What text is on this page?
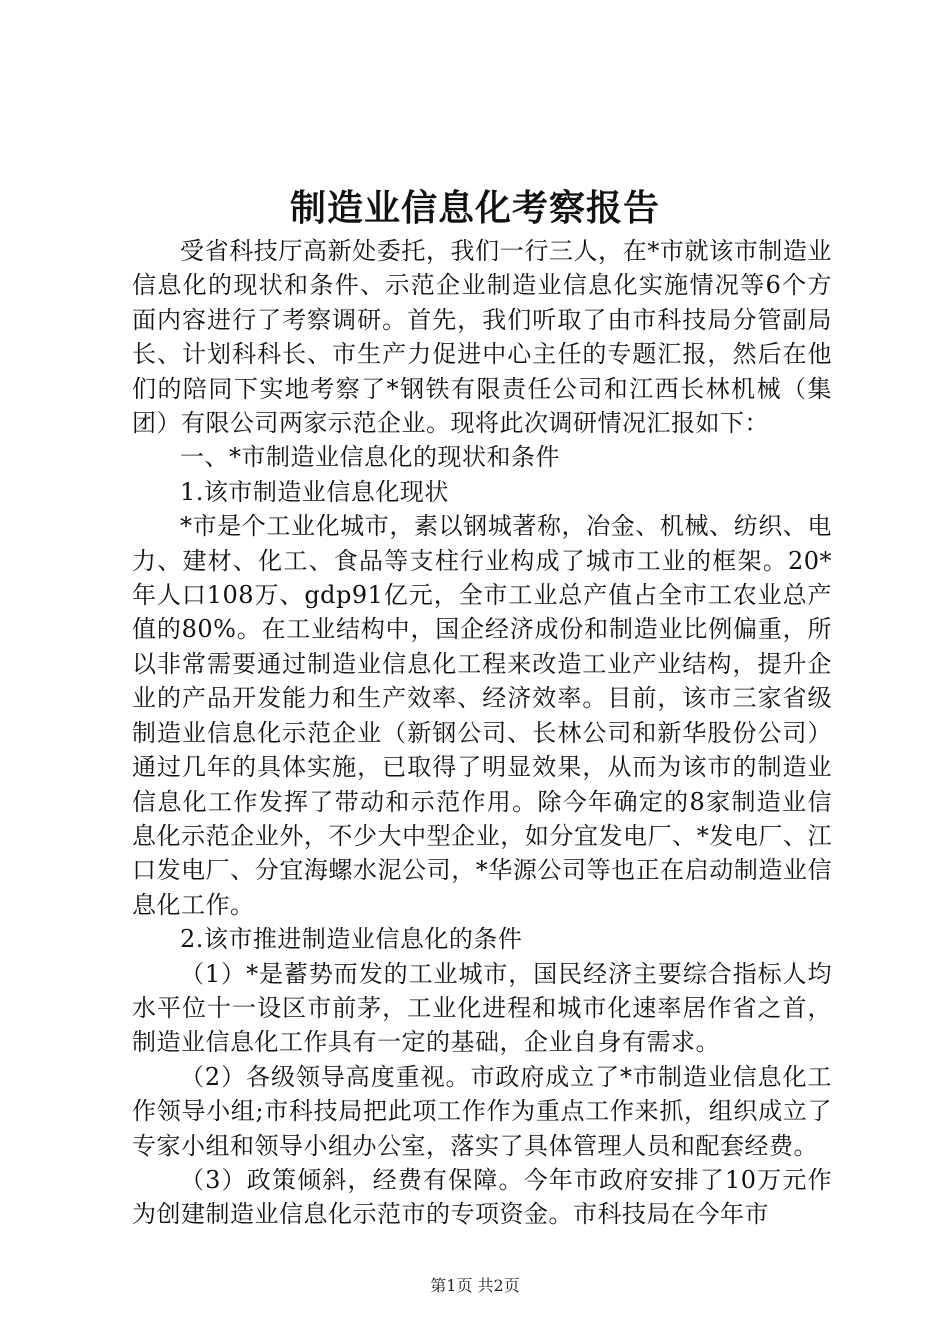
制造业信息化考察报告

受省科技厅高新处委托，我们一行三人，在*市就该市制造业信息化的现状和条件、示范企业制造业信息化实施情况等6个方面内容进行了考察调研。首先，我们听取了由市科技局分管副局长、计划科科长、市生产力促进中心主任的专题汇报，然后在他们的陪同下实地考察了*钢铁有限责任公司和江西长林机械（集团）有限公司两家示范企业。现将此次调研情况汇报如下：

一、*市制造业信息化的现状和条件

1.该市制造业信息化现状

*市是个工业化城市，素以钢城著称，冶金、机械、纺织、电力、建材、化工、食品等支柱行业构成了城市工业的框架。20*年人口108万、gdp91亿元，全市工业总产值占全市工农业总产值的80%。在工业结构中，国企经济成份和制造业比例偏重，所以非常需要通过制造业信息化工程来改造工业产业结构，提升企业的产品开发能力和生产效率、经济效率。目前，该市三家省级制造业信息化示范企业（新钢公司、长林公司和新华股份公司）通过几年的具体实施，已取得了明显效果，从而为该市的制造业信息化工作发挥了带动和示范作用。除今年确定的8家制造业信息化示范企业外，不少大中型企业，如分宜发电厂、*发电厂、江口发电厂、分宜海螺水泥公司，*华源公司等也正在启动制造业信息化工作。

2.该市推进制造业信息化的条件

（1）*是蓄势而发的工业城市，国民经济主要综合指标人均水平位十一设区市前茅，工业化进程和城市化速率居作省之首，制造业信息化工作具有一定的基础，企业自身有需求。

（2）各级领导高度重视。市政府成立了*市制造业信息化工作领导小组;市科技局把此项工作作为重点工作来抓，组织成立了专家小组和领导小组办公室，落实了具体管理人员和配套经费。

（3）政策倾斜，经费有保障。今年市政府安排了10万元作为创建制造业信息化示范市的专项资金。市科技局在今年市

第1页 共2页
